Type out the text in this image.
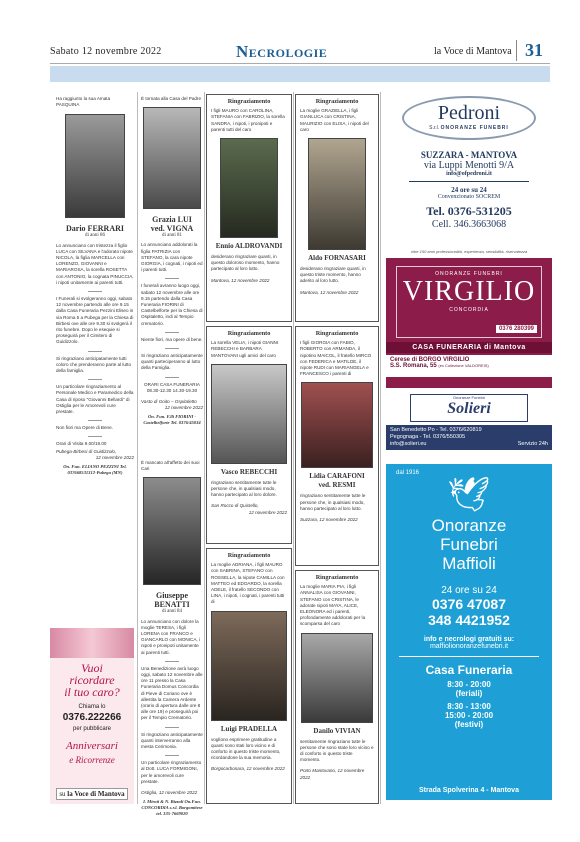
Sabato 12 novembre 2022	Necrologie	la Voce di Mantova 31

Ha raggiunto la sua Amata PASQUINA

Dario FERRARI
di anni 86

Lo annunciano con tristezza il figlio LUCA con SILVANA e l'adorato nipote NICOLA, la figlia MARCELLA con LORENZO, GIOVANNI e MARIAROSA, la sorella ROSETTA con ANTONIO, la cognata PINUCCIA, i nipoti unitamente ai parenti tutti.

I Funerali si svolgeranno oggi, sabato 12 novembre partendo alle ore 9.15 dalla Casa Funeraria Pezzini Eliseo in via Roma 5 a Pubega per la Chiesa di Birbesi ove alle ore 9.30 si svolgerà il rito funebre. Dopo le esequie si proseguirà per il Cimitero di Guidizzolo.

Si ringraziano anticipatamente tutti coloro che prenderanno parte al lutto della famiglia.

Un particolare ringraziamento al Personale Medico e Paramedico della Casa di riposo "Giovanni Bellardi" di Ostiglia per le Amorevoli cure prestate.

Non fiori ma Opere di Bene.

Orari di Visita 9.00/19.00

Pubega-Birbesi di Guidizzolo,
12 novembre 2022
On. Fun. ELIANO PEZZINI Tel. 037668531312-Pubega (MN)
Vuoi
ricordare
il tuo caro?
Chiama lo
0376.222266
per pubblicare
Anniversari
e Ricorrenze
su la Voce di Mantova

È tornata alla Casa del Padre

Grazia LUI
ved. VIGNA
di anni 81

Lo annunciano addolorati la figlia PATRIZIA con STEFANO, la cara nipote GIORGIA, i cognati, i nipoti ed i parenti tutti.

I funerali avranno luogo oggi, sabato 12 novembre alle ore 9.15 partendo dalla Casa Funeraria FIORINI di Castelbelforte per la Chiesa di Ospitaletto, indi al Tempio crematorio.

Niente fiori, ma opere di bene.

Si ringraziano anticipatamente quanti parteciperanno al lutto della Famiglia.

ORARI CASA FUNERARIA 08.30-12.30 14.30-19.30

Vasto di Goito – Ospitaletto
12 novembre 2022
On. Fun. F.lli FIORINI - Castelbelforte Tel. 0376/45034

È mancato all'affetto dei suoi Cari

Giuseppe BENATTI
di anni 84

Lo annunciano con dolore la moglie TERESA, i figli LORENA con FRANCO e GIANCARLO con MONICA, i nipoti e pronipoti unitamente ai parenti tutti.

Una Benedizione avrà luogo oggi, sabato 12 novembre alle ore 11 presso la Casa Funeraria Domus Concordia di Pieve di Coriano ove è allestita la Camera Ardente (orario di apertura dalle ore 8 alle ore 19) e proseguirà poi per il Tempio Crematorio.

Si ringraziano anticipatamente quanti interverranno alla mesta Cerimonia.

Un particolare ringraziamento al Dott. LUCA FORMIGONI, per le amorevoli cure prestate.

Ostiglia, 12 novembre 2022
I. Miroti & N. Bizzoli On.Fun. CONCORDIA s.r.l. Borgomitese tel. 335-7669020
Ringraziamento

I figli MAURO con CAROLINA, STEFANIA con FABRIZIO, la sorella SANDRA, i nipoti, i pronipoti e parenti tutti del caro

Ennio ALDROVANDI

desiderano ringraziare quanti, in questo doloroso momento, hanno partecipato al loro lutto.

Mantova, 12 novembre 2022
Ringraziamento

La sorella VELIA, i nipoti GIANNI REBECCHI e BARBARA MANTOVANI ugli amici del caro

Vasco REBECCHI

ringraziano sentitamente tutte le persone che, in qualsiasi modo, hanno partecipato al loro dolore.

San Rocco di Quistello,
12 novembre 2022
Ringraziamento

La moglie ADRIANA, i figli MAURO con SABRINA, STEFANO con ROSSELLA, la nipote CAMILLA con MATTEO ed EDOARDO, la sorella ADELE, il fratello SECONDO con LINA, i nipoti, i cognati, i parenti tutti di

Luigi PRADELLA

vogliono esprimere gratitudine a quanti sono stati loro vicino e di conforto in questo triste momento, ricordandone la sua memoria.

Borgocarbonara, 12 novembre 2022
Ringraziamento

La moglie GRAZIELLA, i figli GIANLUCA con CRISTINA, MAURIZIO con ELISA, i nipoti del caro

Aldo FORNASARI

desiderano ringraziare quanti, in questo triste momento, hanno aderito al loro lutto.

Mantova, 12 novembre 2022
Ringraziamento

I figli GIORGIA con FABIO, ROBERTO con ARMANDA, il nipotino MAICOL, il fratello MIRCO con FEDERICA e MATILDE, il nipote RUDI con MARIANGELA e FRANCESCO i parenti di

Lidia CARAFONI
ved. RESMI

ringraziano sentitamente tutte le persone che, in qualsiasi modo, hanno partecipato al loro lutto.

Suzzara, 12 novembre 2022
Ringraziamento

La moglie MARIA PIA, i figli ANNALISA con GIOVANNI, STEFANO con CRISTINA, le adorate nipoti MAYA, ALICE, ELEONORA ed i parenti, profondamente addolorati per la scomparsa del caro

Danilo VIVIAN

sentitamente ringraziano tutte le persone che sono state loro vicino e di conforto in questo triste momento.

Porto Mantovano, 12 novembre 2022
Pedroni
S.r.l. ONORANZE FUNEBRI
SUZZARA - MANTOVA
via Luppi Menotti 9/A
info@ofpedroni.it
24 ore su 24
Convenzionato SOCREM
Tel. 0376-531205
Cell. 346.3663068
oltre 150 anni professionalità, esperienza, sensibilità, riservatezza
ONORANZE FUNEBRI
VIRGILIO
CONCORDIA
0376 280399
CASA FUNERARIA di Mantova
Cerese di BORGO VIRGILIO
S.S. Romana, 55 (ex Collezione VALDOREIS)
Onoranze Funebri
Solieri
San Benedetto Po - Tel. 0376/620819
Pegognaga - Tel. 0376/550305
info@solieri.eu	Servizio 24h
dal 1916
🕊
Onoranze
Funebri
Maffioli
24 ore su 24
0376 47087
348 4421952
info e necrologi gratuiti su:
maffiolionoranzefunebri.it
Casa Funeraria
8:30 - 20:00
(feriali)
8:30 - 13:00
15:00 - 20:00
(festivi)
Strada Spolverina 4 - Mantova
